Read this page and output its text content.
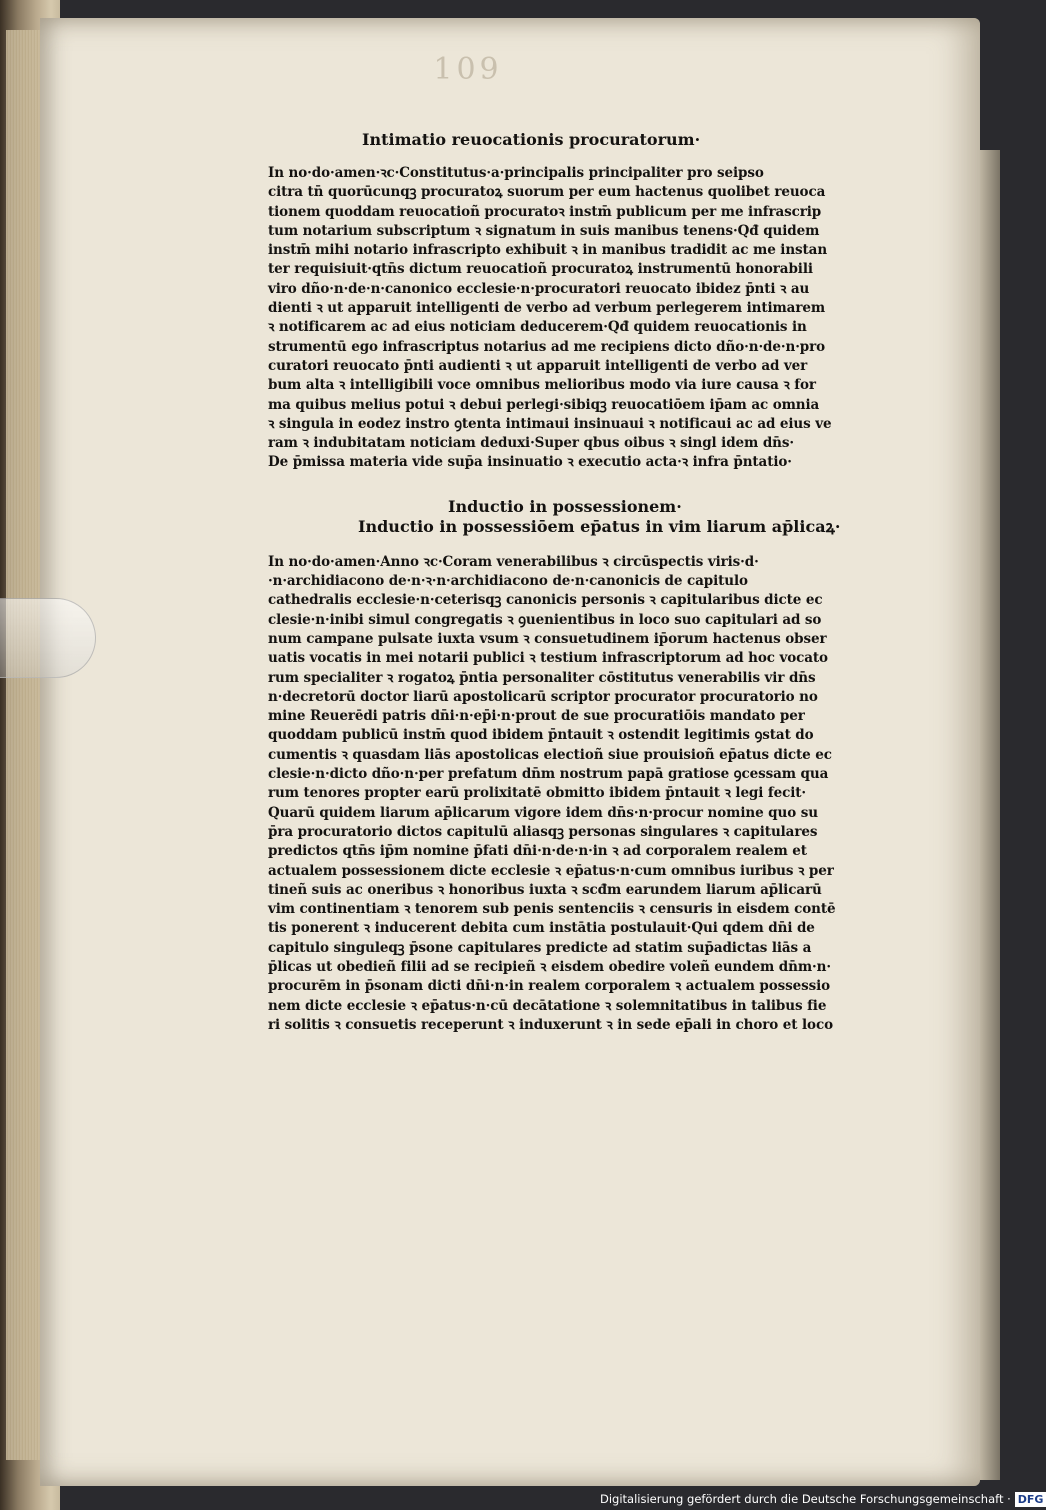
109
Intimatio reuocationis procuratorum·
In no·do·amen·ꝛc·Constitutus·a·principalis principaliter pro seipso
citra tn̄ quorūcunqꝫ procuratoꝝ suorum per eum hactenus quolibet reuoca
tionem quoddam reuocatioñ procuratoꝛ instm̄ publicum per me infrascrip
tum notarium subscriptum ꝛ signatum in suis manibus tenens·Qđ quidem
instm̄ mihi notario infrascripto exhibuit ꝛ in manibus tradidit ac me instan
ter requisiuit·qtn̄s dictum reuocatioñ procuratoꝝ instrumentū honorabili
viro dño·n·de·n·canonico ecclesie·n·procuratori reuocato ibidez p̄nti ꝛ au
dienti ꝛ ut apparuit intelligenti de verbo ad verbum perlegerem intimarem
ꝛ notificarem ac ad eius noticiam deducerem·Qđ quidem reuocationis in
strumentū ego infrascriptus notarius ad me recipiens dicto dño·n·de·n·pro
curatori reuocato p̄nti audienti ꝛ ut apparuit intelligenti de verbo ad ver
bum alta ꝛ intelligibili voce omnibus melioribus modo via iure causa ꝛ for
ma quibus melius potui ꝛ debui perlegi·sibiqꝫ reuocatiōem ip̄am ac omnia
ꝛ singula in eodez instro ꝯtenta intimaui insinuaui ꝛ notificaui ac ad eius ve
ram ꝛ indubitatam noticiam deduxi·Super qbus oibus ꝛ singl idem dn̄s·
De p̄missa materia vide sup̄a insinuatio ꝛ executio acta·ꝛ infra p̄ntatio·
Inductio in possessionem·
Inductio in possessiōem ep̄atus in vim liarum ap̄licaꝝ·
In no·do·amen·Anno ꝛc·Coram venerabilibus ꝛ circūspectis viris·d·
·n·archidiacono de·n·ꝛ·n·archidiacono de·n·canonicis de capitulo
cathedralis ecclesie·n·ceterisqꝫ canonicis personis ꝛ capitularibus dicte ec
clesie·n·inibi simul congregatis ꝛ ꝯuenientibus in loco suo capitulari ad so
num campane pulsate iuxta vsum ꝛ consuetudinem ip̄orum hactenus obser
uatis vocatis in mei notarii publici ꝛ testium infrascriptorum ad hoc vocato
rum specialiter ꝛ rogatoꝝ p̄ntia personaliter cōstitutus venerabilis vir dn̄s
n·decretorū doctor liarū apostolicarū scriptor procurator procuratorio no
mine Reuerēdi patris dn̄i·n·ep̄i·n·prout de sue procuratiōis mandato per
quoddam publicū instm̄ quod ibidem p̄ntauit ꝛ ostendit legitimis ꝯstat do
cumentis ꝛ quasdam liās apostolicas electioñ siue prouisioñ ep̄atus dicte ec
clesie·n·dicto dño·n·per prefatum dn̄m nostrum papā gratiose ꝯcessam qua
rum tenores propter earū prolixitatē obmitto ibidem p̄ntauit ꝛ legi fecit·
Quarū quidem liarum ap̄licarum vigore idem dn̄s·n·procur nomine quo su
p̄ra procuratorio dictos capitulū aliasqꝫ personas singulares ꝛ capitulares
predictos qtn̄s ip̄m nomine p̄fati dn̄i·n·de·n·in ꝛ ad corporalem realem et
actualem possessionem dicte ecclesie ꝛ ep̄atus·n·cum omnibus iuribus ꝛ per
tineñ suis ac oneribus ꝛ honoribus iuxta ꝛ scđm earundem liarum ap̄licarū
vim continentiam ꝛ tenorem sub penis sentenciis ꝛ censuris in eisdem contē
tis ponerent ꝛ inducerent debita cum instātia postulauit·Qui qdem dn̄i de
capitulo singuleqꝫ p̄sone capitulares predicte ad statim sup̄adictas liās a
p̄licas ut obedieñ filii ad se recipieñ ꝛ eisdem obedire voleñ eundem dn̄m·n·
procurēm in p̄sonam dicti dn̄i·n·in realem corporalem ꝛ actualem possessio
nem dicte ecclesie ꝛ ep̄atus·n·cū decātatione ꝛ solemnitatibus in talibus fie
ri solitis ꝛ consuetis receperunt ꝛ induxerunt ꝛ in sede ep̄ali in choro et loco
Digitalisierung gefördert durch die Deutsche Forschungsgemeinschaft · DFG
